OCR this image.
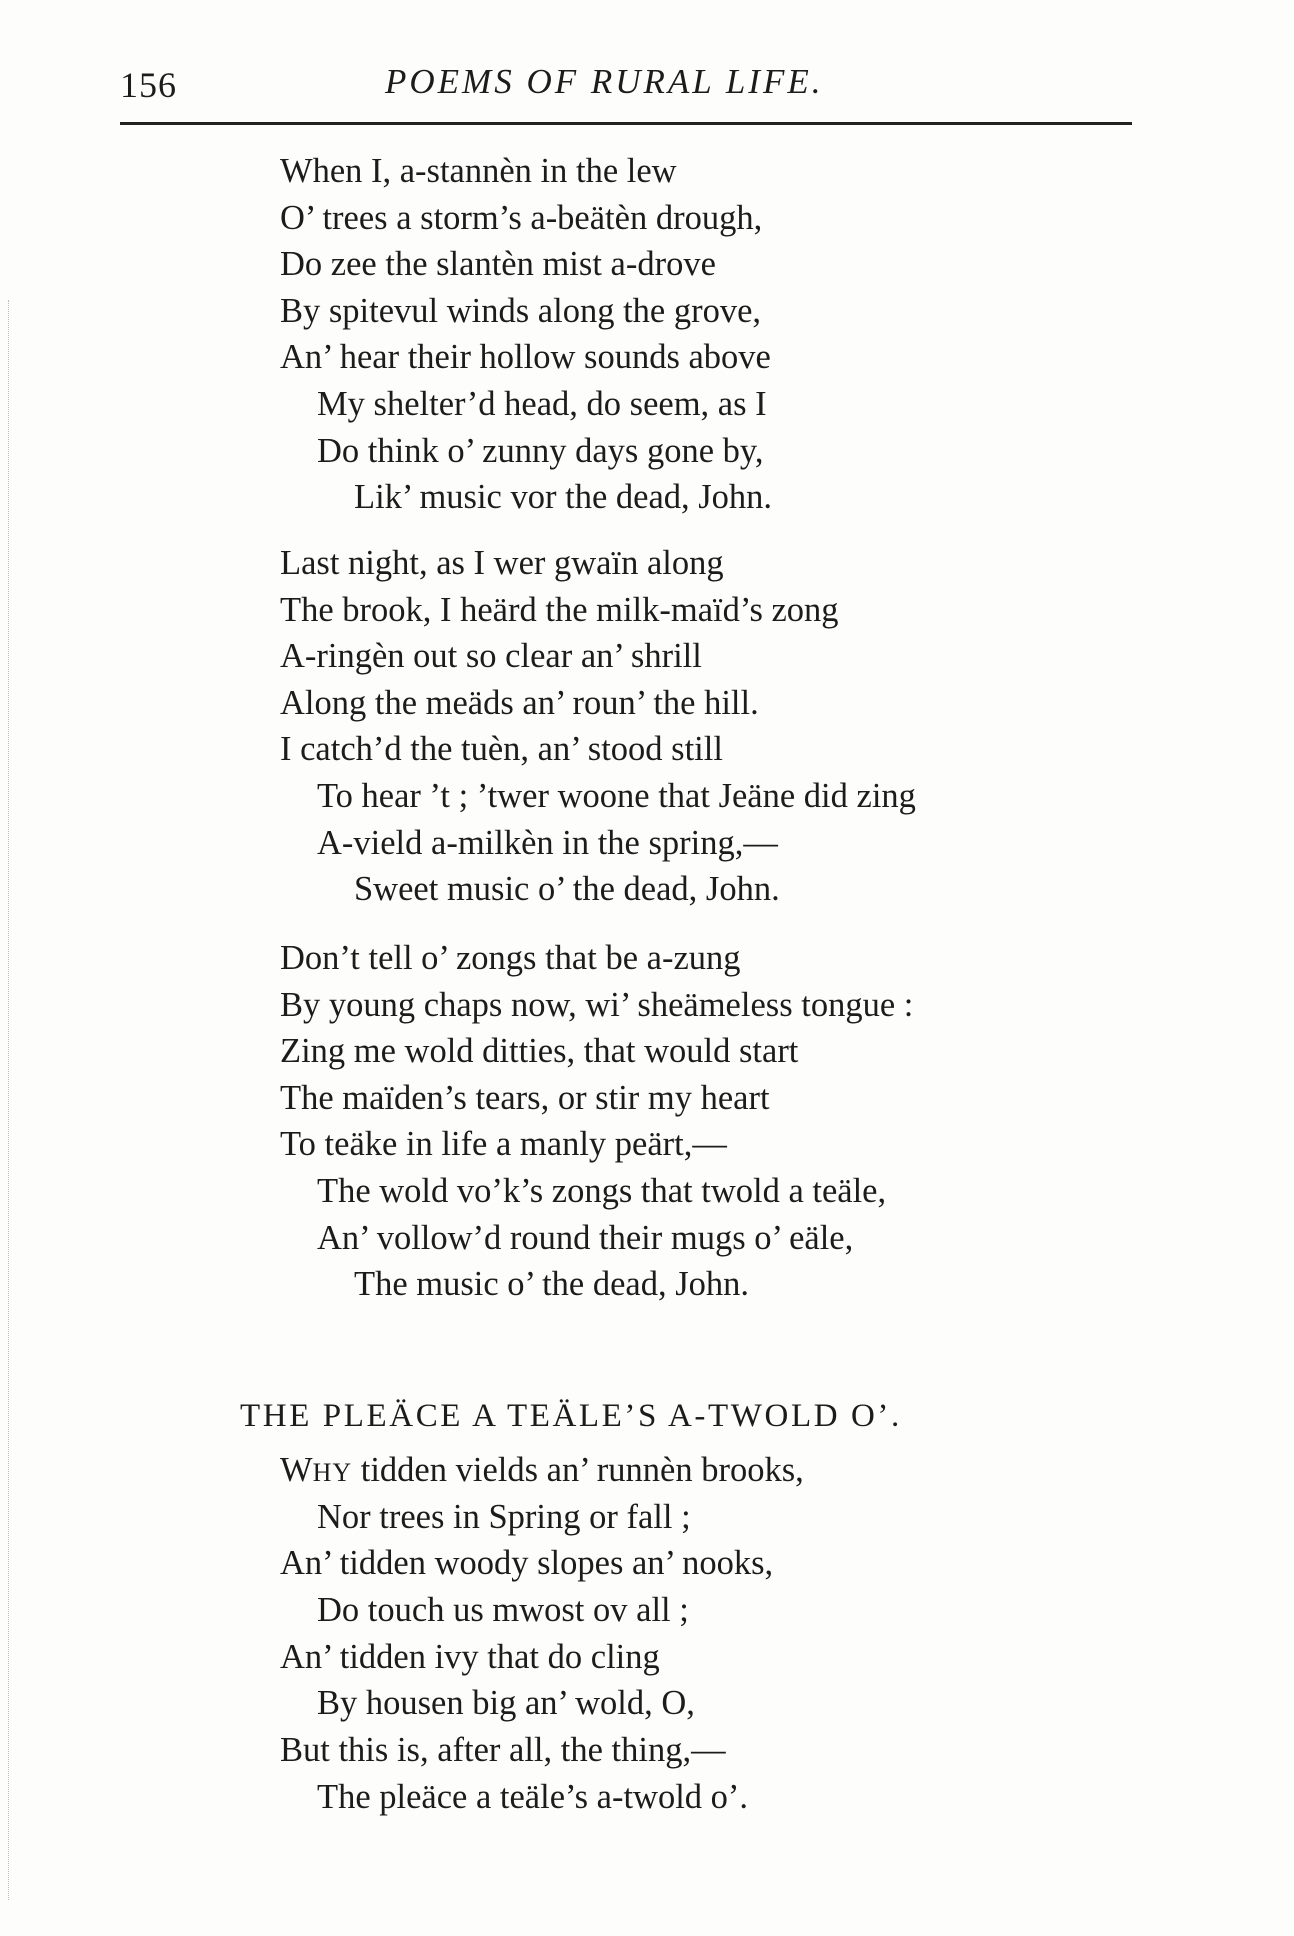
156	POEMS OF RURAL LIFE.
When I, a-stannèn in the lew
O’ trees a storm’s a-beätèn drough,
Do zee the slantèn mist a-drove
By spitevul winds along the grove,
An’ hear their hollow sounds above
My shelter’d head, do seem, as I
Do think o’ zunny days gone by,
Lik’ music vor the dead, John.
Last night, as I wer gwaïn along
The brook, I heärd the milk-maïd’s zong
A-ringèn out so clear an’ shrill
Along the meäds an’ roun’ the hill.
I catch’d the tuèn, an’ stood still
To hear ’t ; ’twer woone that Jeäne did zing
A-vield a-milkèn in the spring,—
Sweet music o’ the dead, John.
Don’t tell o’ zongs that be a-zung
By young chaps now, wi’ sheämeless tongue :
Zing me wold ditties, that would start
The maïden’s tears, or stir my heart
To teäke in life a manly peärt,—
The wold vo’k’s zongs that twold a teäle,
An’ vollow’d round their mugs o’ eäle,
The music o’ the dead, John.
THE PLEÄCE A TEÄLE’S A-TWOLD O’.
WHY tidden vields an’ runnèn brooks,
Nor trees in Spring or fall ;
An’ tidden woody slopes an’ nooks,
Do touch us mwost ov all ;
An’ tidden ivy that do cling
By housen big an’ wold, O,
But this is, after all, the thing,—
The pleäce a teäle’s a-twold o’.
